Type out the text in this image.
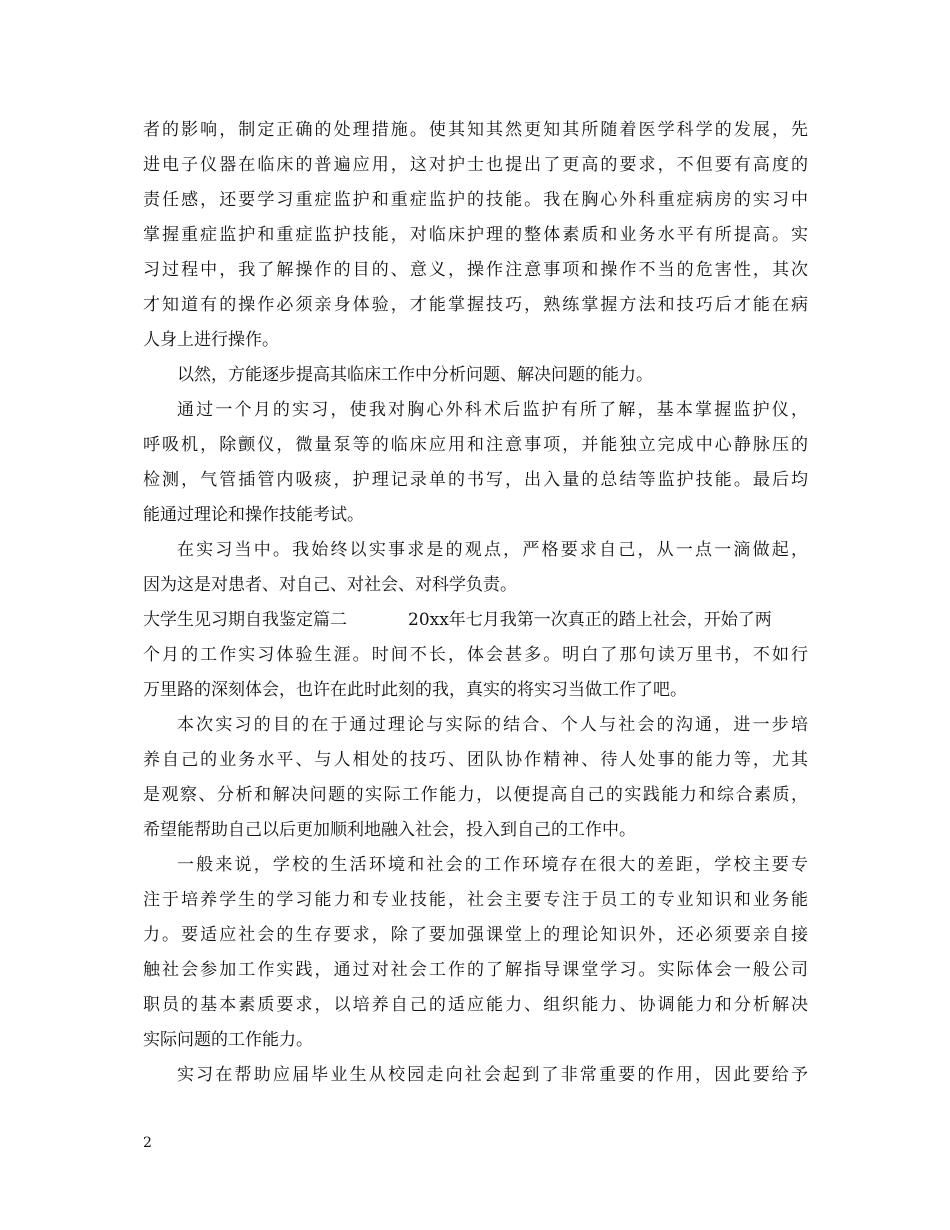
者的影响，制定正确的处理措施。使其知其然更知其所随着医学科学的发展，先
进电子仪器在临床的普遍应用，这对护士也提出了更高的要求，不但要有高度的
责任感，还要学习重症监护和重症监护的技能。我在胸心外科重症病房的实习中
掌握重症监护和重症监护技能，对临床护理的整体素质和业务水平有所提高。实
习过程中，我了解操作的目的、意义，操作注意事项和操作不当的危害性，其次
才知道有的操作必须亲身体验，才能掌握技巧，熟练掌握方法和技巧后才能在病
人身上进行操作。
以然，方能逐步提高其临床工作中分析问题、解决问题的能力。
通过一个月的实习，使我对胸心外科术后监护有所了解，基本掌握监护仪，
呼吸机，除颤仪，微量泵等的临床应用和注意事项，并能独立完成中心静脉压的
检测，气管插管内吸痰，护理记录单的书写，出入量的总结等监护技能。最后均
能通过理论和操作技能考试。
在实习当中。我始终以实事求是的观点，严格要求自己，从一点一滴做起，
因为这是对患者、对自己、对社会、对科学负责。
大学生见习期自我鉴定篇二	20xx年七月我第一次真正的踏上社会，开始了两
个月的工作实习体验生涯。时间不长，体会甚多。明白了那句读万里书，不如行
万里路的深刻体会，也许在此时此刻的我，真实的将实习当做工作了吧。
本次实习的目的在于通过理论与实际的结合、个人与社会的沟通，进一步培
养自己的业务水平、与人相处的技巧、团队协作精神、待人处事的能力等，尤其
是观察、分析和解决问题的实际工作能力，以便提高自己的实践能力和综合素质，
希望能帮助自己以后更加顺利地融入社会，投入到自己的工作中。
一般来说，学校的生活环境和社会的工作环境存在很大的差距，学校主要专
注于培养学生的学习能力和专业技能，社会主要专注于员工的专业知识和业务能
力。要适应社会的生存要求，除了要加强课堂上的理论知识外，还必须要亲自接
触社会参加工作实践，通过对社会工作的了解指导课堂学习。实际体会一般公司
职员的基本素质要求，以培养自己的适应能力、组织能力、协调能力和分析解决
实际问题的工作能力。
实习在帮助应届毕业生从校园走向社会起到了非常重要的作用，因此要给予
2
